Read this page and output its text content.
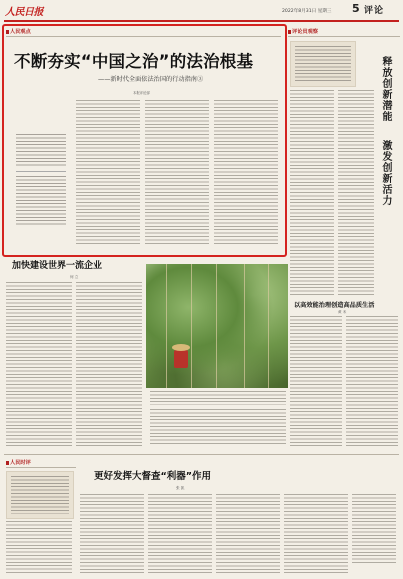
人民日报	2022年8月31日 星期三 5 评论
人民观点
不断夯实“中国之治”的法治根基
——新时代全面依法治国的行动指南③
本报评论部
评论员观察
释放创新潜能
激发创新活力
加快建设世界一流企业
何 立
以高效能治理创造高品质生活
黄 禾
人民时评
更好发挥大督查“利器”作用
张 凯
